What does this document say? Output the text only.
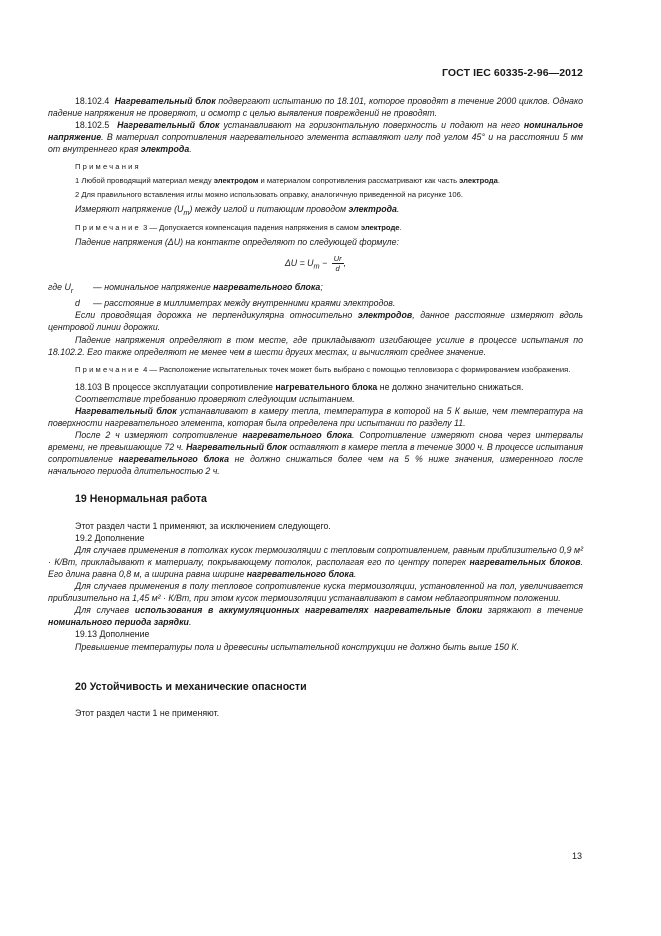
ГОСТ IEC 60335-2-96—2012

18.102.4 Нагревательный блок подвергают испытанию по 18.101, которое проводят в течение 2000 циклов. Однако падение напряжения не проверяют, и осмотр с целью выявления повреждений не проводят.

18.102.5 Нагревательный блок устанавливают на горизонтальную поверхность и подают на него номинальное напряжение. В материал сопротивления нагревательного элемента вставляют иглу под углом 45° и на расстоянии 5 мм от внутреннего края электрода.

Примечания

1 Любой проводящий материал между электродом и материалом сопротивления рассматривают как часть электрода.

2 Для правильного вставления иглы можно использовать оправку, аналогичную приведенной на рисунке 106.

Измеряют напряжение $(U_m)$ между иглой и питающим проводом электрода.

Примечание 3 — Допускается компенсация падения напряжения в самом электроде.

Падение напряжения (ΔU) на контакте определяют по следующей формуле:

$\Delta U = U_m - \frac{Ur}{d}$ ,
где $U_r$	— номинальное напряжение нагревательного блока;
d	— расстояние в миллиметрах между внутренними краями электродов.

Если проводящая дорожка не перпендикулярна относительно электродов, данное расстояние измеряют вдоль центровой линии дорожки.

Падение напряжения определяют в том месте, где прикладывают изгибающее усилие в процессе испытания по 18.102.2. Его также определяют не менее чем в шести других местах, и вычисляют среднее значение.

Примечание 4 — Расположение испытательных точек может быть выбрано с помощью тепловизора с формированием изображения.

18.103 В процессе эксплуатации сопротивление нагревательного блока не должно значительно снижаться.

Соответствие требованию проверяют следующим испытанием.

Нагревательный блок устанавливают в камеру тепла, температура в которой на 5 К выше, чем температура на поверхности нагревательного элемента, которая была определена при испытании по разделу 11.

После 2 ч измеряют сопротивление нагревательного блока. Сопротивление измеряют снова через интервалы времени, не превышающие 72 ч. Нагревательный блок оставляют в камере тепла в течение 3000 ч. В процессе испытания сопротивление нагревательного блока не должно снижаться более чем на 5 % ниже значения, измеренного после начального периода длительностью 2 ч.

19 Ненормальная работа

Этот раздел части 1 применяют, за исключением следующего.

19.2 Дополнение

Для случаев применения в потолках кусок термоизоляции с тепловым сопротивлением, равным приблизительно 0,9 м² · К/Вт, прикладывают к материалу, покрывающему потолок, располагая его по центру поперек нагревательных блоков. Его длина равна 0,8 м, а ширина равна ширине нагревательного блока.

Для случаев применения в полу тепловое сопротивление куска термоизоляции, установленной на пол, увеличивается приблизительно на 1,45 м² · К/Вт, при этом кусок термоизоляции устанавливают в самом неблагоприятном положении.

Для случаев использования в аккумуляционных нагревателях нагревательные блоки заряжают в течение номинального периода зарядки.

19.13 Дополнение

Превышение температуры пола и древесины испытательной конструкции не должно быть выше 150 К.

20 Устойчивость и механические опасности

Этот раздел части 1 не применяют.

13
